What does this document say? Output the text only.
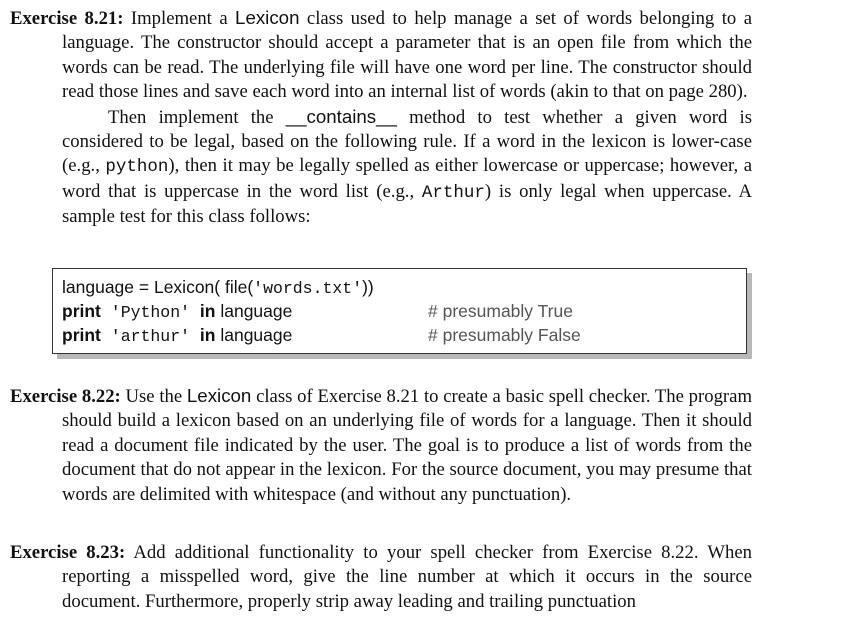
Exercise 8.21: Implement a Lexicon class used to help manage a set of words belonging to a language. The constructor should accept a parameter that is an open file from which the words can be read. The underlying file will have one word per line. The constructor should read those lines and save each word into an internal list of words (akin to that on page 280).
Then implement the __contains__ method to test whether a given word is considered to be legal, based on the following rule. If a word in the lexicon is lower-case (e.g., python), then it may be legally spelled as either lowercase or uppercase; however, a word that is uppercase in the word list (e.g., Arthur) is only legal when uppercase. A sample test for this class follows:
language = Lexicon( file('words.txt'))
print 'Python' in language	# presumably True
print 'arthur' in language	# presumably False
Exercise 8.22: Use the Lexicon class of Exercise 8.21 to create a basic spell checker. The program should build a lexicon based on an underlying file of words for a language. Then it should read a document file indicated by the user. The goal is to produce a list of words from the document that do not appear in the lexicon. For the source document, you may presume that words are delimited with whitespace (and without any punctuation).
Exercise 8.23: Add additional functionality to your spell checker from Exercise 8.22. When reporting a misspelled word, give the line number at which it occurs in the source document. Furthermore, properly strip away leading and trailing punctuation
